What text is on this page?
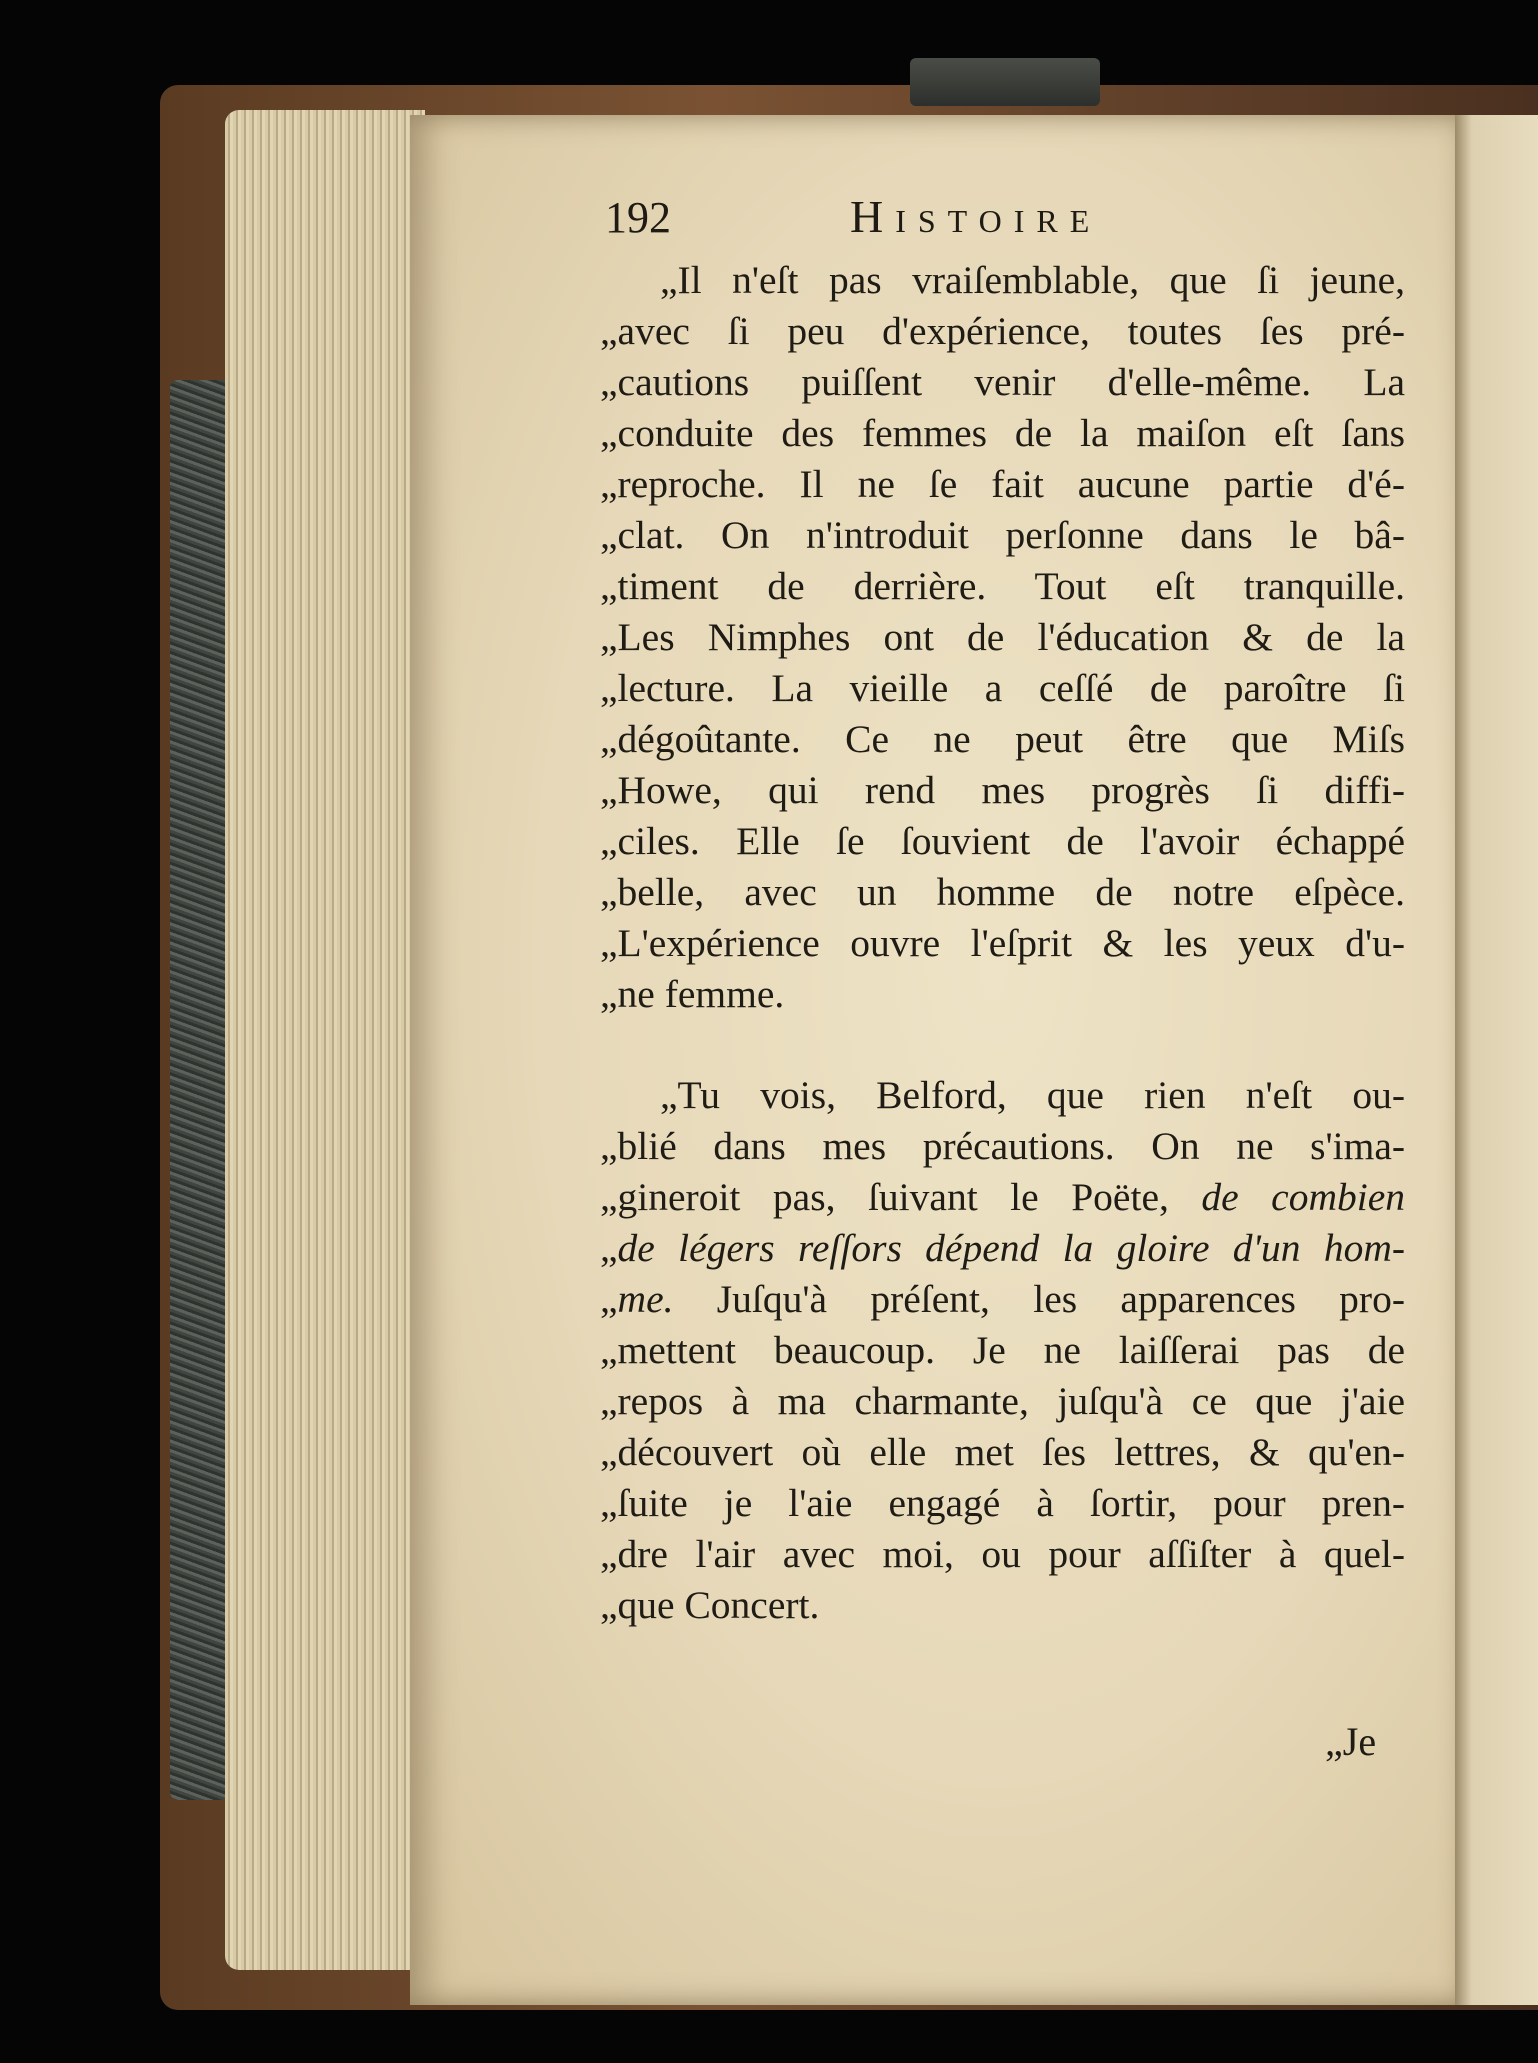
192	Histoire
„Il n'eſt pas vraiſemblable, que ſi jeune,
„avec ſi peu d'expérience, toutes ſes pré-
„cautions puiſſent venir d'elle-même. La
„conduite des femmes de la maiſon eſt ſans
„reproche. Il ne ſe fait aucune partie d'é-
„clat. On n'introduit perſonne dans le bâ-
„timent de derrière. Tout eſt tranquille.
„Les Nimphes ont de l'éducation & de la
„lecture. La vieille a ceſſé de paroître ſi
„dégoûtante. Ce ne peut être que Miſs
„Howe, qui rend mes progrès ſi diffi-
„ciles. Elle ſe ſouvient de l'avoir échappé
„belle, avec un homme de notre eſpèce.
„L'expérience ouvre l'eſprit & les yeux d'u-
„ne femme.
„Tu vois, Belford, que rien n'eſt ou-
„blié dans mes précautions. On ne s'ima-
„gineroit pas, ſuivant le Poëte, de combien
„de légers reſſors dépend la gloire d'un hom-
„me. Juſqu'à préſent, les apparences pro-
„mettent beaucoup. Je ne laiſſerai pas de
„repos à ma charmante, juſqu'à ce que j'aie
„découvert où elle met ſes lettres, & qu'en-
„ſuite je l'aie engagé à ſortir, pour pren-
„dre l'air avec moi, ou pour aſſiſter à quel-
„que Concert.
„Je
